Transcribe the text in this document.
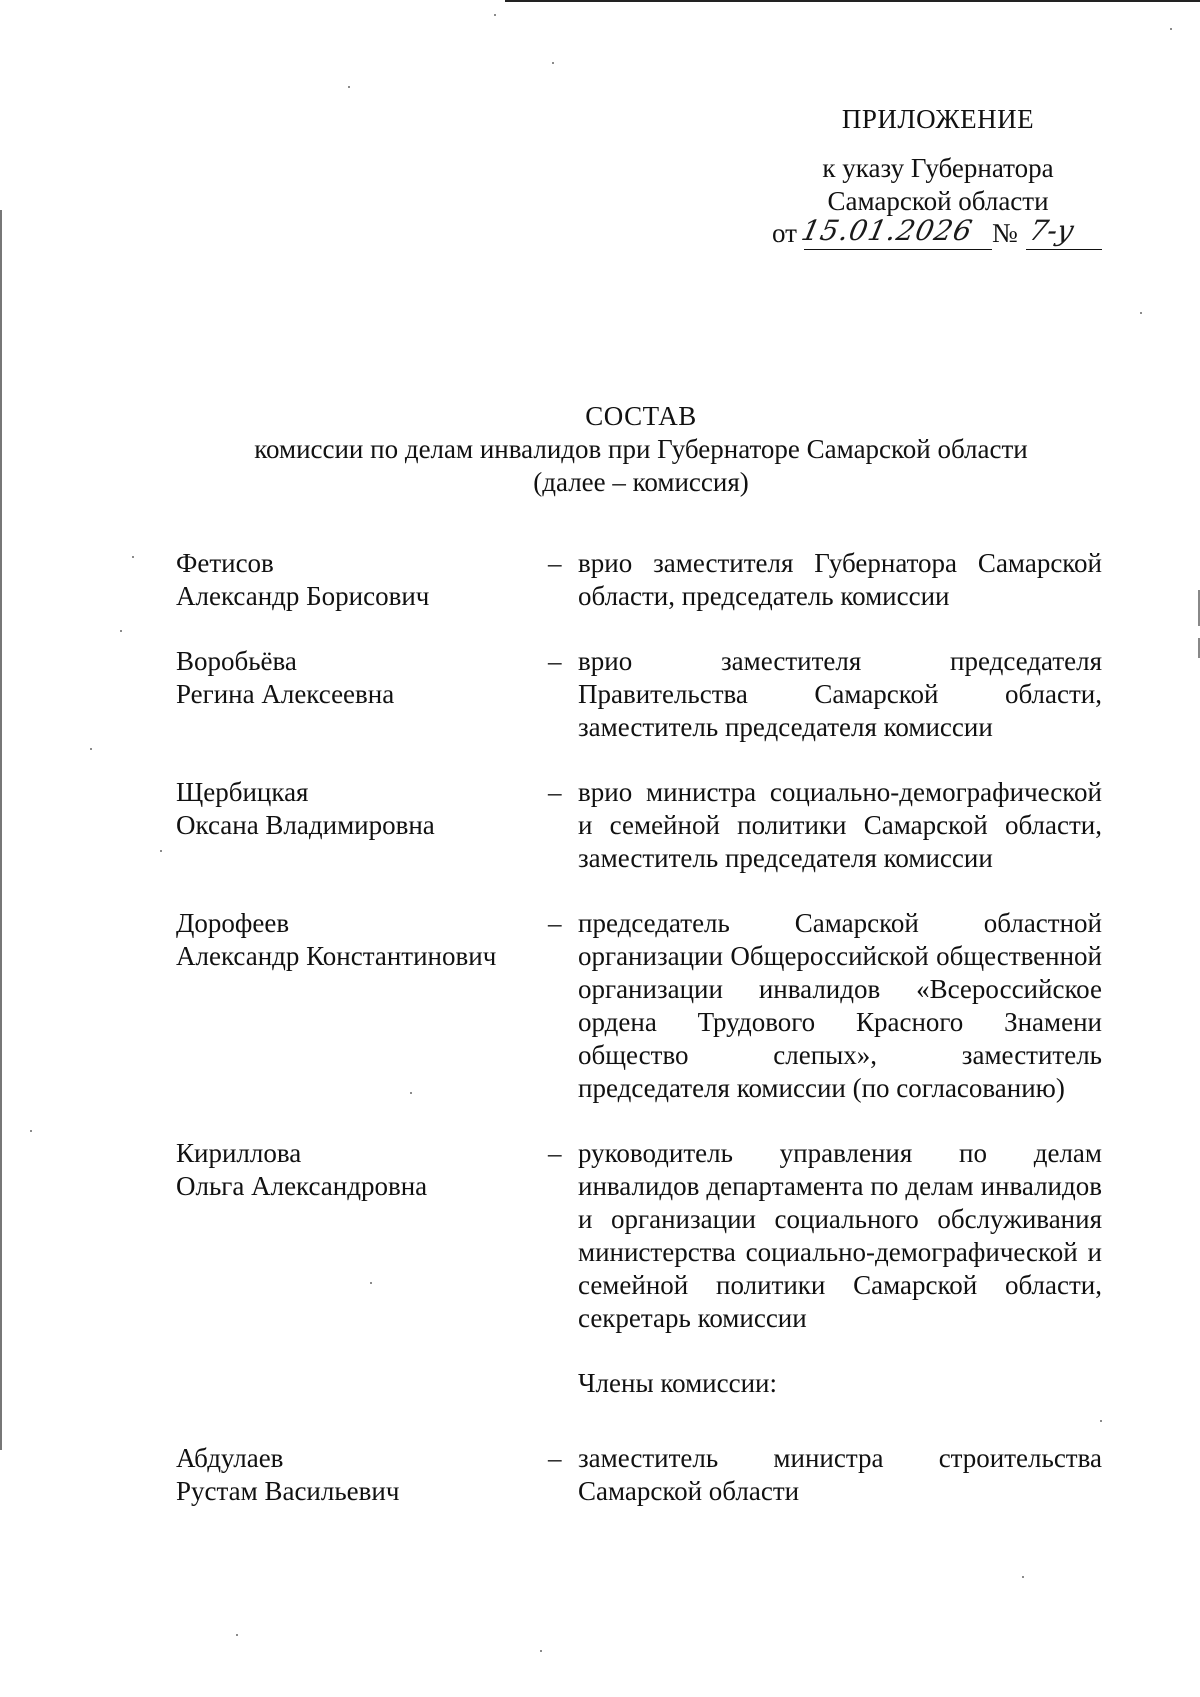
ПРИЛОЖЕНИЕ
к указу Губернатора
Самарской области
от 15.01.2026 № 7-у
СОСТАВ
комиссии по делам инвалидов при Губернаторе Самарской области
(далее – комиссия)
Фетисов
Александр Борисович
– врио заместителя Губернатора Самарской области, председатель комиссии
Воробьёва
Регина Алексеевна
– врио заместителя председателя Правительства Самарской области, заместитель председателя комиссии
Щербицкая
Оксана Владимировна
– врио министра социально-демографической и семейной политики Самарской области, заместитель председателя комиссии
Дорофеев
Александр Константинович
– председатель Самарской областной организации Общероссийской общественной организации инвалидов «Всероссийское ордена Трудового Красного Знамени общество слепых», заместитель председателя комиссии (по согласованию)
Кириллова
Ольга Александровна
– руководитель управления по делам инвалидов департамента по делам инвалидов и организации социального обслуживания министерства социально-демографической и семейной политики Самарской области, секретарь комиссии
Члены комиссии:
Абдулаев
Рустам Васильевич
– заместитель министра строительства Самарской области
